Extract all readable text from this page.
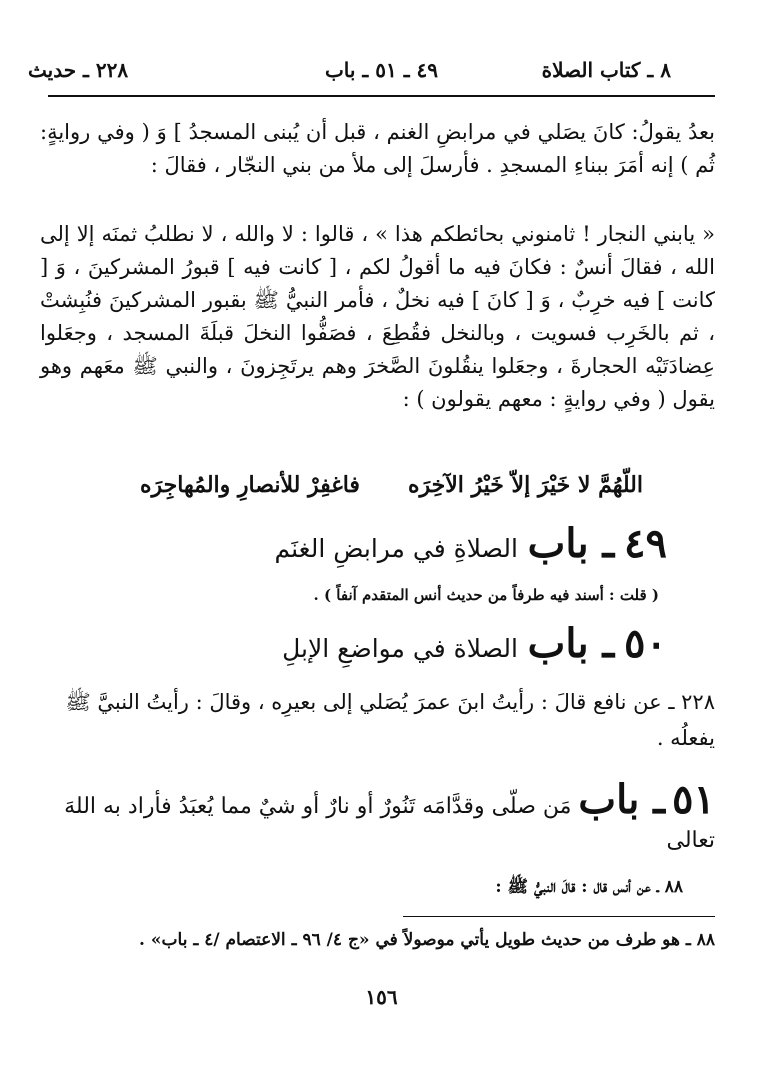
٨ ـ كتاب الصلاة
٤٩ ـ ٥١ ـ باب
٢٢٨ ـ حديث
بعدُ يقولُ: كانَ يصَلي في مرابضِ الغنم ، قبل أن يُبنى المسجدُ ] وَ ( وفي روايةٍ: ثُم ) إنه أمَرَ ببناءِ المسجدِ . فأرسلَ إلى ملأ من بني النجّار ، فقالَ :
« يابني النجار ! ثامنوني بحائطكم هذا » ، قالوا : لا والله ، لا نطلبُ ثمنَه إلا إلى الله ، فقالَ أنسٌ : فكانَ فيه ما أقولُ لكم ، [ كانت فيه ] قبورُ المشركينَ ، وَ [ كانت ] فيه خرِبٌ ، وَ [ كانَ ] فيه نخلٌ ، فأمر النبيُّ ﷺ بقبور المشركينَ فنُبِشتْ ، ثم بالخَرِب فسويت ، وبالنخل فقُطِعَ ، فصَفُّوا النخلَ قبلَةَ المسجد ، وجعَلوا عِضادَتَيْه الحجارةَ ، وجعَلوا ينقُلونَ الصَّخرَ وهم يرتَجِزونَ ، والنبي ﷺ معَهم وهو يقول ( وفي روايةٍ : معهم يقولون ) :
اللّهُمَّ لا خَيْرَ إلاّ خَيْرُ الآخِرَه
فاغفِرْ للأنصارِ والمُهاجِرَه
٤٩ ـ باب الصلاةِ في مرابضِ الغنَم
( قلت : أسند فيه طرفاً من حديث أنس المتقدم آنفاً ) .
٥٠ ـ باب الصلاة في مواضعِ الإبلِ
٢٢٨ ـ عن نافع قالَ : رأيتُ ابنَ عمرَ يُصَلي إلى بعيرِه ، وقالَ : رأيتُ النبيَّ ﷺ يفعلُه .
٥١ ـ باب مَن صلّى وقدَّامَه تَنُورٌ أو نارٌ أو شيٌ مما يُعبَدُ فأراد به اللهَ
تعالى
٨٨ ـ عن أنس قال : قالَ النبيُّ ﷺ :
٨٨ ـ هو طرف من حديث طويل يأتي موصولاً في «ج ٤/ ٩٦ ـ الاعتصام /٤ ـ باب» .
١٥٦
